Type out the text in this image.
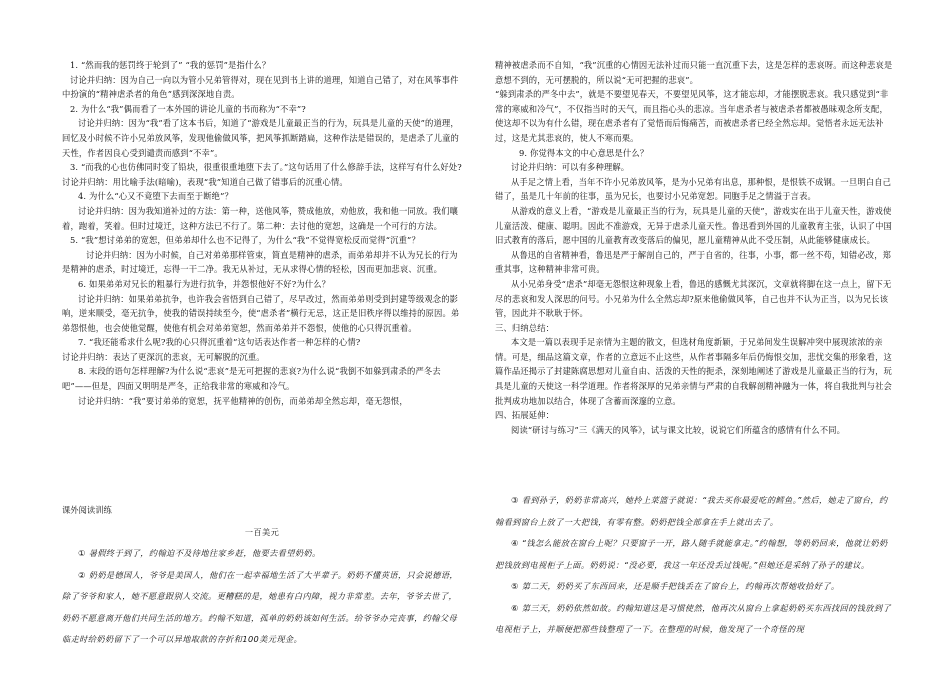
1. “然而我的惩罚终于轮到了” “我的惩罚”是指什么？

讨论并归纳：因为自己一向以为管小兄弟管得对，现在见到书上讲的道理，知道自己错了，对在风筝事件中扮演的“精神虐杀者的角色”感到深深地自责。

2. 为什么“我”偶而看了一本外国的讲论儿童的书而称为“不幸”?

讨论并归纳：因为“我”看了这本书后，知道了“游戏是儿童最正当的行为，玩具是儿童的天使”的道理，回忆及小时候不许小兄弟放风筝，发现他偷做风筝，把风筝抓断踏扁，这种作法是错误的，是虐杀了儿童的天性，作者因良心受到谴责而感到“不幸”。

3. “而我的心也仿佛同时变了铅块，很重很重地堕下去了。”这句话用了什么修辞手法，这样写有什么好处?

讨论并归纳：用比喻手法(暗喻)，表现“我”知道自己做了错事后的沉重心情。

4. 为什么“心又不竟堕下去而至于断绝”？

讨论并归纳：因为我知道补过的方法：第一种，送他风筝，赞成他放，劝他放，我和他一同放。我们嚷着，跑着，笑着。但时过境迁，这种方法已不行了。第二种：去讨他的宽恕，这确是一个可行的方法。

5. “我”想讨弟弟的宽恕，但弟弟却什么也不记得了，为什么“我”不觉得宽松反而觉得“沉重”？

讨论并归纳：因为小时候，自己对弟弟那样管束，简直是精神的虐杀，而弟弟却并不认为兄长的行为是精神的虐杀，时过境迁，忘得一干二净。我无从补过，无从求得心情的轻松，因而更加悲哀、沉重。

6. 如果弟弟对兄长的粗暴行为进行抗争，并怨恨他好不好?为什么？

讨论并归纳：如果弟弟抗争，也许我会省悟到自己错了，尽早改过，然而弟弟则受到封建等级观念的影响，逆来顺受，毫无抗争，使我的错误持续至今，使“虐杀者”横行无忌，这正是旧秩序得以维持的原因。弟弟怨恨他，也会使他觉醒，使他有机会对弟弟宽恕，然而弟弟并不怨恨，使他的心只得沉重着。

7. “我还能希求什么呢?我的心只得沉重着”这句话表达作者一种怎样的心情?

讨论并归纳：表达了更深沉的悲哀，无可解脱的沉重。

8. 末段的语句怎样理解?为什么说“悲哀”是无可把握的悲哀?为什么说“我倒不如躲到肃杀的严冬去吧”——但是，四面又明明是严冬，正给我非常的寒威和冷气。

讨论并归纳：“我”要讨弟弟的宽恕，抚平他精神的创伤，而弟弟却全然忘却，毫无怨恨，

精神被虐杀而不自知，“我”沉重的心情因无法补过而只能一直沉重下去，这是怎样的悲哀呀。而这种悲哀是意想不到的，无可摆脱的，所以说“无可把握的悲哀”。

“躲到肃杀的严冬中去”，就是不要望见春天，不要望见风筝，这才能忘却，才能摆脱悲哀。我只感觉到“非常的寒威和冷气”，不仅指当时的天气，而且指心头的悲凉。当年虐杀者与被虐杀者都被愚昧观念所支配，使这却不以为有什么错，现在虐杀者有了觉悟而后悔痛苦，而被虐杀者已经全然忘却。觉悟者永远无法补过，这是尤其悲哀的，使人不寒而栗。

9. 你觉得本文的中心意思是什么？

讨论并归纳：可以有多种理解。

从手足之情上看，当年不许小兄弟放风筝，是为小兄弟有出息，那种恨，是恨铁不成钢。一旦明白自己错了，虽是几十年前的往事，虽为兄长，也要讨小兄弟宽恕。同胞手足之情溢于言表。

从游戏的意义上看，“游戏是儿童最正当的行为，玩具是儿童的天使”，游戏实在出于儿童天性，游戏使儿童活泼、健康、聪明。因此不准游戏，无异于虐杀儿童天性。鲁迅看到外国的儿童教育主张，认识了中国旧式教育的落后，愿中国的儿童教育改变落后的偏见，愿儿童精神从此不受压制，从此能够健康成长。

从鲁迅的自省精神看，鲁迅是严于解剖自己的，严于自省的，往事，小事，都一丝不苟，知错必改，郑重其事，这种精神非常可贵。

从小兄弟身受“虐杀”却毫无怨恨这种现象上看，鲁迅的感慨尤其深沉，文章就将脚在这一点上，留下无尽的悲哀和发人深思的问号。小兄弟为什么全然忘却?原来他偷做风筝，自己也并不认为正当，以为兄长该管，因此并不耿耿于怀。

三、归纳总结：

本文是一篇以表现手足亲情为主题的散文，但选材角度新颖，于兄弟间发生误解冲突中展现浓浓的亲情。可是，细品这篇文章，作者的立意远不止这些，从作者事隔多年后仍悔恨交加，悲忧交集的形象看，这篇作品还揭示了封建陈腐思想对儿童自由、活泼的天性的扼杀，深刻地阐述了游戏是儿童最正当的行为，玩具是儿童的天使这一科学道理。作者将深厚的兄弟亲情与严肃的自我解剖精神融为一体，将自我批判与社会批判成功地加以结合，体现了含蓄而深邃的立意。

四、拓展延伸：

阅读“研讨与练习”三《满天的风筝》，试与课文比较，说说它们所蕴含的感情有什么不同。

课外阅读训练

一百美元

① 暑假终于到了，约翰迫不及待地往家乡赶，他要去看望奶奶。

② 奶奶是德国人，爷爷是美国人，他们在一起幸福地生活了大半辈子。奶奶不懂英语，只会说德语，除了爷爷和家人，她不愿意跟别人交流。更糟糕的是，她患有白内障，视力非常差。去年，爷爷去世了，奶奶不愿意离开他们共同生活的地方。约翰不知道，孤单的奶奶该如何生活。给爷爷办完丧事，约翰父母临走时给奶奶留下了一个可以异地取款的存折和100美元现金。

③ 看到孙子，奶奶非常高兴，她拎上菜篮子就说：“我去买你最爱吃的鳕鱼。”然后，她走了窗台，约翰看到窗台上放了一大把钱，有零有整。奶奶把钱全部拿在手上就出去了。

④ “钱怎么能放在窗台上呢？只要窗子一开，路人随手就能拿走。”约翰想，等奶奶回来，他就让奶奶把钱放到电视柜子上面。奶奶说：“没必要，我这一年还没丢过钱呢。”但她还是采纳了孙子的建议。

⑤ 第二天，奶奶买了东西回来，还是顺手把钱丢在了窗台上，约翰再次帮她收拾好了。

⑥ 第三天，奶奶依然如故。约翰知道这是习惯使然，他再次从窗台上拿起奶奶买东西找回的钱放到了电视柜子上，并顺便把那些钱整理了一下。在整理的时候，他发现了一个奇怪的现
